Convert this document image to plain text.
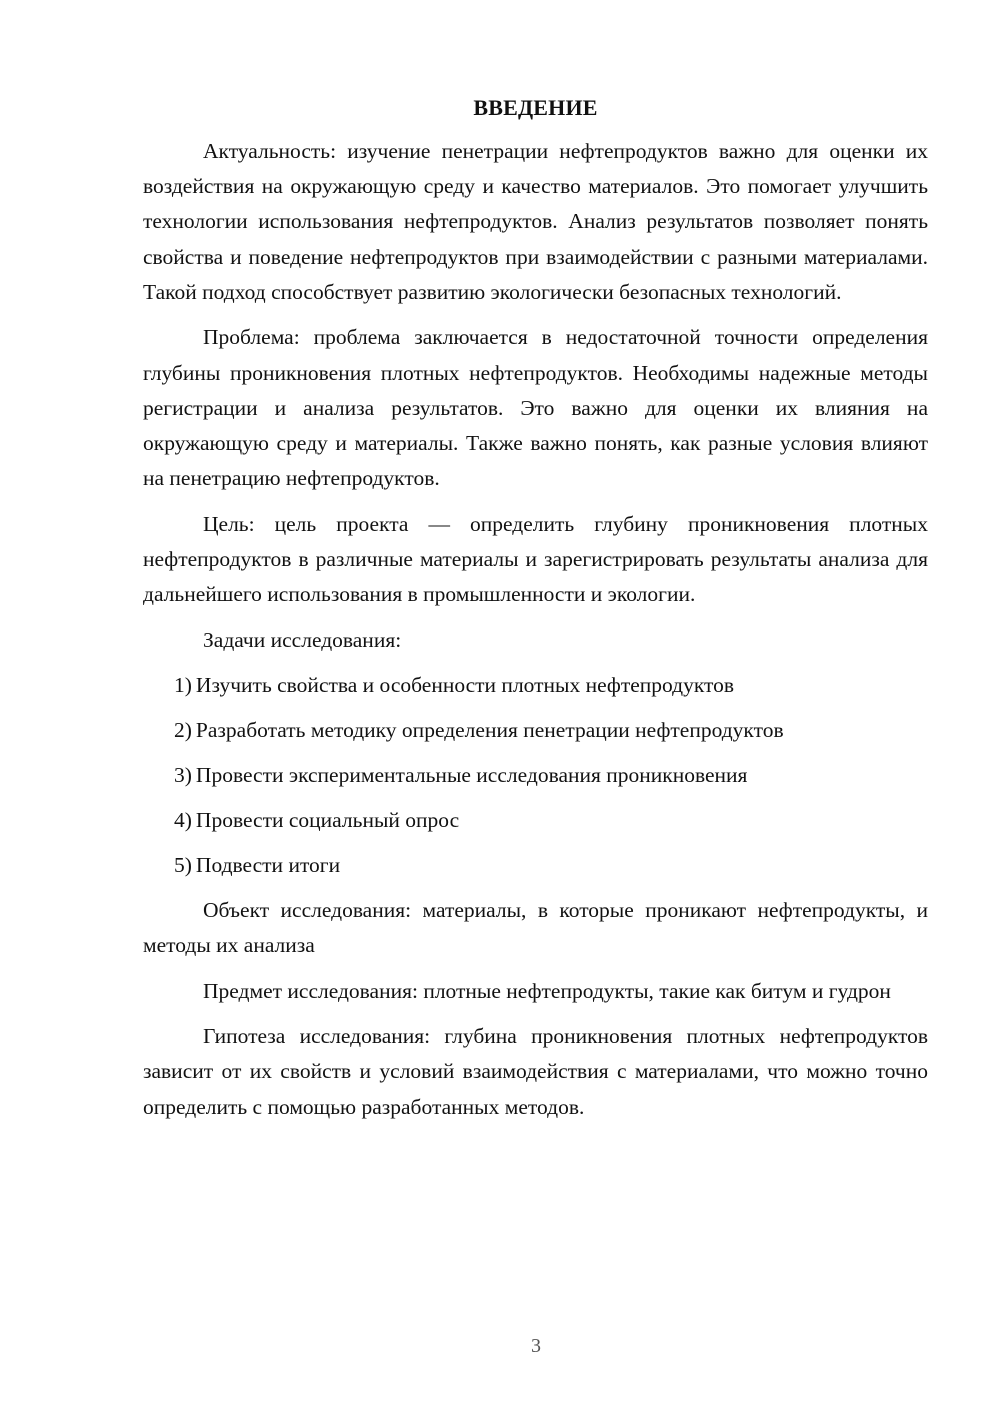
ВВЕДЕНИЕ

Актуальность: изучение пенетрации нефтепродуктов важно для оценки их воздействия на окружающую среду и качество материалов. Это помогает улучшить технологии использования нефтепродуктов. Анализ результатов позволяет понять свойства и поведение нефтепродуктов при взаимодействии с разными материалами. Такой подход способствует развитию экологически безопасных технологий.

Проблема: проблема заключается в недостаточной точности определения глубины проникновения плотных нефтепродуктов. Необходимы надежные методы регистрации и анализа результатов. Это важно для оценки их влияния на окружающую среду и материалы. Также важно понять, как разные условия влияют на пенетрацию нефтепродуктов.

Цель: цель проекта — определить глубину проникновения плотных нефтепродуктов в различные материалы и зарегистрировать результаты анализа для дальнейшего использования в промышленности и экологии.

Задачи исследования:

1) Изучить свойства и особенности плотных нефтепродуктов
2) Разработать методику определения пенетрации нефтепродуктов
3) Провести экспериментальные исследования проникновения
4) Провести социальный опрос
5) Подвести итоги

Объект исследования: материалы, в которые проникают нефтепродукты, и методы их анализа

Предмет исследования: плотные нефтепродукты, такие как битум и гудрон

Гипотеза исследования: глубина проникновения плотных нефтепродуктов зависит от их свойств и условий взаимодействия с материалами, что можно точно определить с помощью разработанных методов.

3
